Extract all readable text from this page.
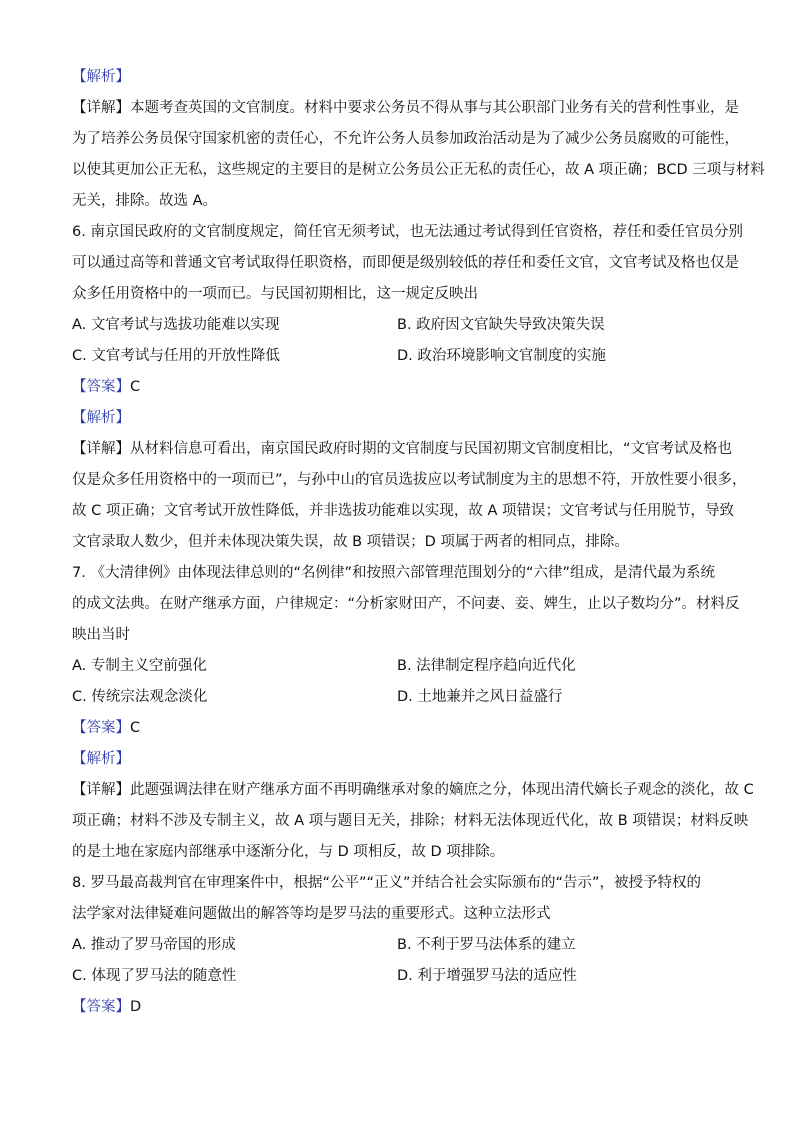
【解析】
【详解】本题考查英国的文官制度。材料中要求公务员不得从事与其公职部门业务有关的营利性事业，是
为了培养公务员保守国家机密的责任心，不允许公务人员参加政治活动是为了减少公务员腐败的可能性，
以使其更加公正无私，这些规定的主要目的是树立公务员公正无私的责任心，故 A 项正确；BCD 三项与材料
无关，排除。故选 A。
6. 南京国民政府的文官制度规定，简任官无须考试，也无法通过考试得到任官资格，荐任和委任官员分别
可以通过高等和普通文官考试取得任职资格，而即便是级别较低的荐任和委任文官，文官考试及格也仅是
众多任用资格中的一项而已。与民国初期相比，这一规定反映出
A. 文官考试与选拔功能难以实现	B. 政府因文官缺失导致决策失误
C. 文官考试与任用的开放性降低	D. 政治环境影响文官制度的实施
【答案】C
【解析】
【详解】从材料信息可看出，南京国民政府时期的文官制度与民国初期文官制度相比，“文官考试及格也
仅是众多任用资格中的一项而已”，与孙中山的官员选拔应以考试制度为主的思想不符，开放性要小很多，
故 C 项正确；文官考试开放性降低，并非选拔功能难以实现，故 A 项错误；文官考试与任用脱节，导致
文官录取人数少，但并未体现决策失误，故 B 项错误；D 项属于两者的相同点，排除。
7. 《大清律例》由体现法律总则的“名例律”和按照六部管理范围划分的“六律”组成，是清代最为系统
的成文法典。在财产继承方面，户律规定：“分析家财田产，不问妻、妾、婢生，止以子数均分”。材料反
映出当时
A. 专制主义空前强化	B. 法律制定程序趋向近代化
C. 传统宗法观念淡化	D. 土地兼并之风日益盛行
【答案】C
【解析】
【详解】此题强调法律在财产继承方面不再明确继承对象的嫡庶之分，体现出清代嫡长子观念的淡化，故 C
项正确；材料不涉及专制主义，故 A 项与题目无关，排除；材料无法体现近代化，故 B 项错误；材料反映
的是土地在家庭内部继承中逐渐分化，与 D 项相反，故 D 项排除。
8. 罗马最高裁判官在审理案件中，根据“公平”“正义”并结合社会实际颁布的“告示”，被授予特权的
法学家对法律疑难问题做出的解答等均是罗马法的重要形式。这种立法形式
A. 推动了罗马帝国的形成	B. 不利于罗马法体系的建立
C. 体现了罗马法的随意性	D. 利于增强罗马法的适应性
【答案】D
